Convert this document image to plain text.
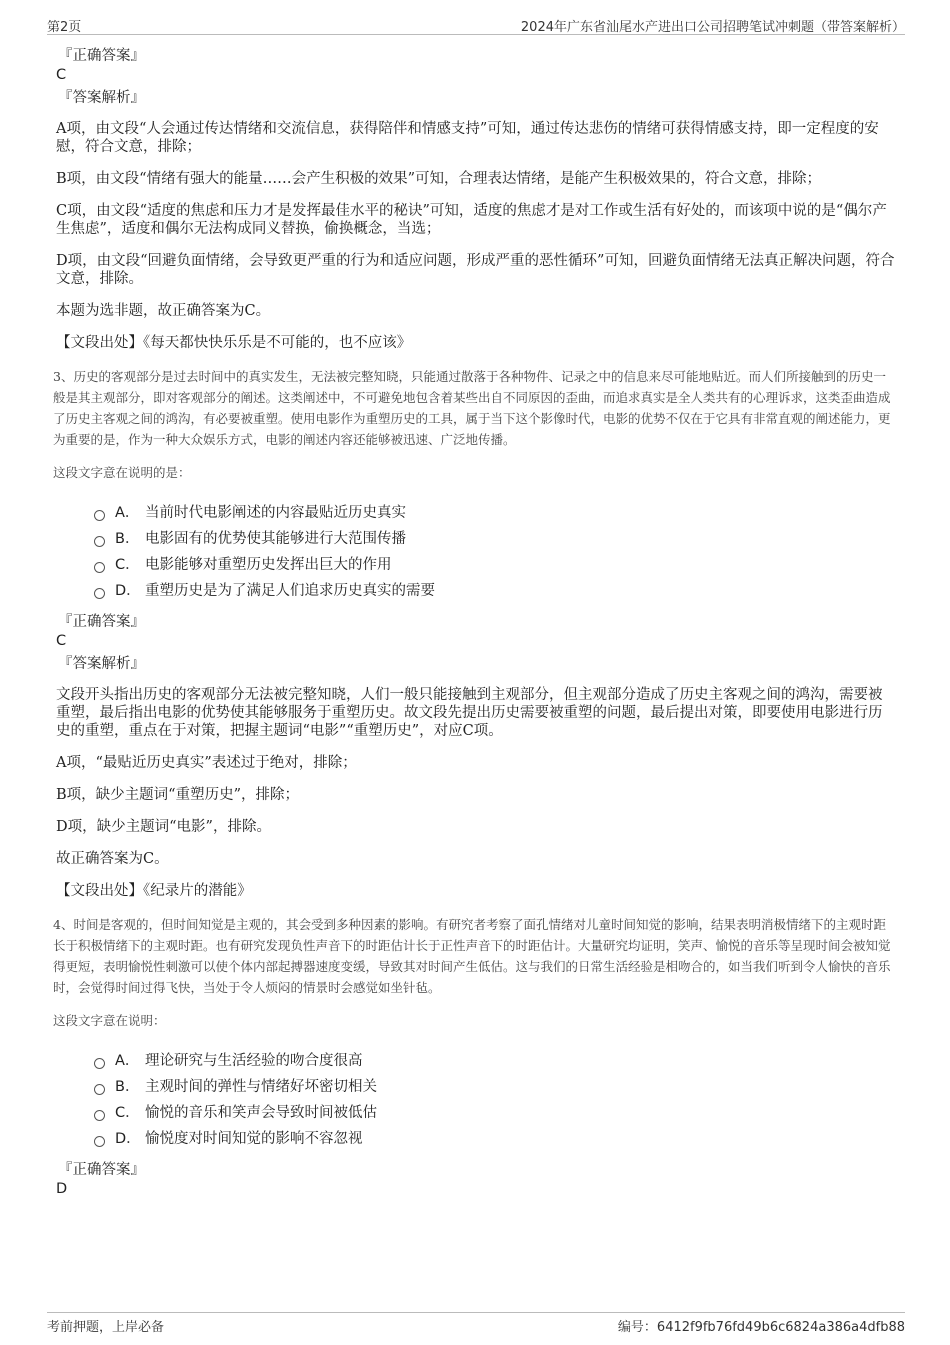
第2页	2024年广东省汕尾水产进出口公司招聘笔试冲刺题（带答案解析）

『正确答案』

C

『答案解析』

A项，由文段“人会通过传达情绪和交流信息，获得陪伴和情感支持”可知，通过传达悲伤的情绪可获得情感支持，即一定程度的安慰，符合文意，排除；

B项，由文段“情绪有强大的能量……会产生积极的效果”可知，合理表达情绪，是能产生积极效果的，符合文意，排除；

C项，由文段“适度的焦虑和压力才是发挥最佳水平的秘诀”可知，适度的焦虑才是对工作或生活有好处的，而该项中说的是“偶尔产生焦虑”，适度和偶尔无法构成同义替换，偷换概念，当选；

D项，由文段“回避负面情绪，会导致更严重的行为和适应问题，形成严重的恶性循环”可知，回避负面情绪无法真正解决问题，符合文意，排除。

本题为选非题，故正确答案为C。

【文段出处】《每天都快快乐乐是不可能的，也不应该》

3、历史的客观部分是过去时间中的真实发生，无法被完整知晓，只能通过散落于各种物件、记录之中的信息来尽可能地贴近。而人们所接触到的历史一般是其主观部分，即对客观部分的阐述。这类阐述中，不可避免地包含着某些出自不同原因的歪曲，而追求真实是全人类共有的心理诉求，这类歪曲造成了历史主客观之间的鸿沟，有必要被重塑。使用电影作为重塑历史的工具，属于当下这个影像时代，电影的优势不仅在于它具有非常直观的阐述能力，更为重要的是，作为一种大众娱乐方式，电影的阐述内容还能够被迅速、广泛地传播。

这段文字意在说明的是：

A． 当前时代电影阐述的内容最贴近历史真实
B． 电影固有的优势使其能够进行大范围传播
C． 电影能够对重塑历史发挥出巨大的作用
D． 重塑历史是为了满足人们追求历史真实的需要

『正确答案』

C

『答案解析』

文段开头指出历史的客观部分无法被完整知晓，人们一般只能接触到主观部分，但主观部分造成了历史主客观之间的鸿沟，需要被重塑，最后指出电影的优势使其能够服务于重塑历史。故文段先提出历史需要被重塑的问题，最后提出对策，即要使用电影进行历史的重塑，重点在于对策，把握主题词“电影”“重塑历史”，对应C项。

A项，“最贴近历史真实”表述过于绝对，排除；

B项，缺少主题词“重塑历史”，排除；

D项，缺少主题词“电影”，排除。

故正确答案为C。

【文段出处】《纪录片的潜能》

4、时间是客观的，但时间知觉是主观的，其会受到多种因素的影响。有研究者考察了面孔情绪对儿童时间知觉的影响，结果表明消极情绪下的主观时距长于积极情绪下的主观时距。也有研究发现负性声音下的时距估计长于正性声音下的时距估计。大量研究均证明，笑声、愉悦的音乐等呈现时间会被知觉得更短，表明愉悦性刺激可以使个体内部起搏器速度变缓，导致其对时间产生低估。这与我们的日常生活经验是相吻合的，如当我们听到令人愉快的音乐时，会觉得时间过得飞快，当处于令人烦闷的情景时会感觉如坐针毡。

这段文字意在说明：

A． 理论研究与生活经验的吻合度很高
B． 主观时间的弹性与情绪好坏密切相关
C． 愉悦的音乐和笑声会导致时间被低估
D． 愉悦度对时间知觉的影响不容忽视

『正确答案』

D

考前押题，上岸必备	编号：6412f9fb76fd49b6c6824a386a4dfb88
